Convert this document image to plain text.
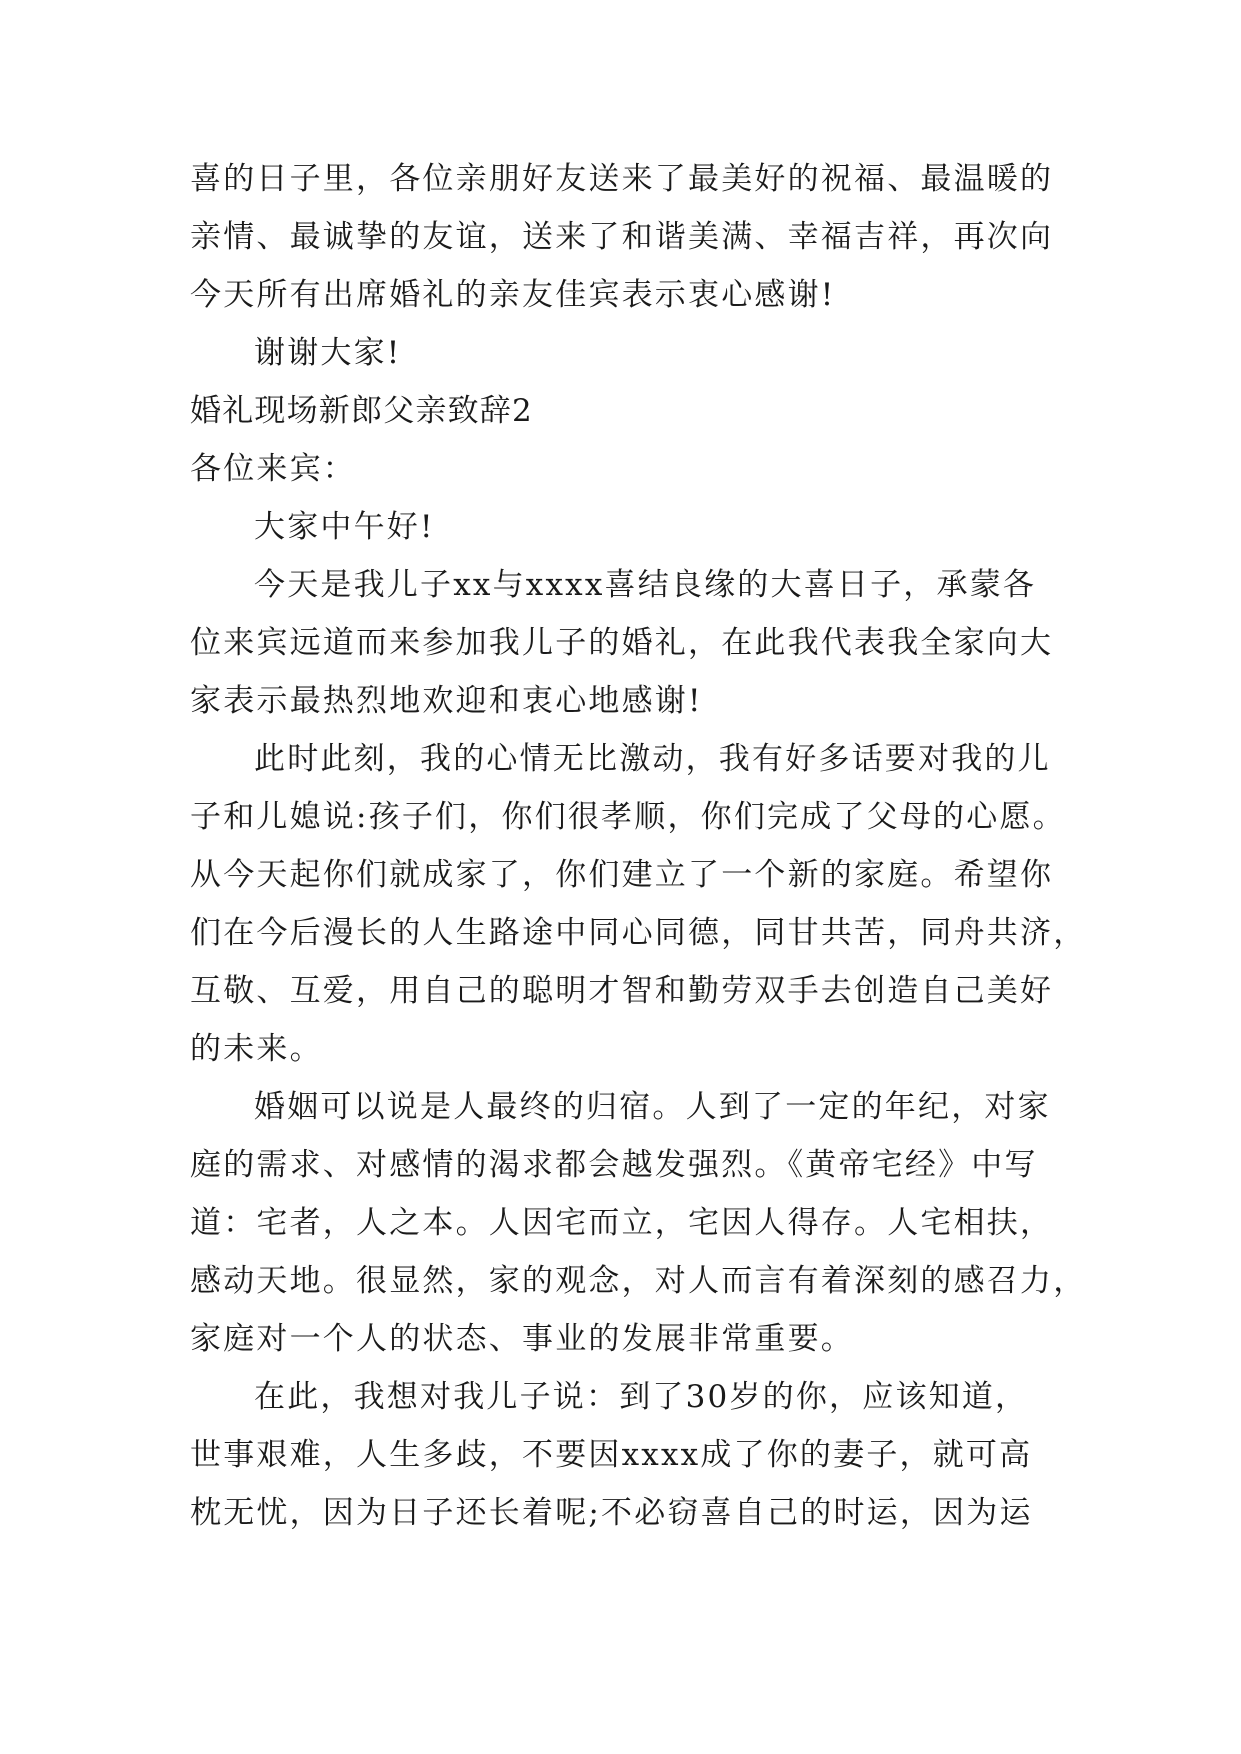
喜的日子里，各位亲朋好友送来了最美好的祝福、最温暖的
亲情、最诚挚的友谊，送来了和谐美满、幸福吉祥，再次向
今天所有出席婚礼的亲友佳宾表示衷心感谢!
谢谢大家!
婚礼现场新郎父亲致辞2
各位来宾：
大家中午好!
今天是我儿子xx与xxxx喜结良缘的大喜日子，承蒙各
位来宾远道而来参加我儿子的婚礼，在此我代表我全家向大
家表示最热烈地欢迎和衷心地感谢!
此时此刻，我的心情无比激动，我有好多话要对我的儿
子和儿媳说:孩子们，你们很孝顺，你们完成了父母的心愿。
从今天起你们就成家了，你们建立了一个新的家庭。希望你
们在今后漫长的人生路途中同心同德，同甘共苦，同舟共济，
互敬、互爱，用自己的聪明才智和勤劳双手去创造自己美好
的未来。
婚姻可以说是人最终的归宿。人到了一定的年纪，对家
庭的需求、对感情的渴求都会越发强烈。《黄帝宅经》中写
道：宅者，人之本。人因宅而立，宅因人得存。人宅相扶，
感动天地。很显然，家的观念，对人而言有着深刻的感召力，
家庭对一个人的状态、事业的发展非常重要。
在此，我想对我儿子说：到了30岁的你，应该知道，
世事艰难，人生多歧，不要因xxxx成了你的妻子，就可高
枕无忧，因为日子还长着呢;不必窃喜自己的时运，因为运
